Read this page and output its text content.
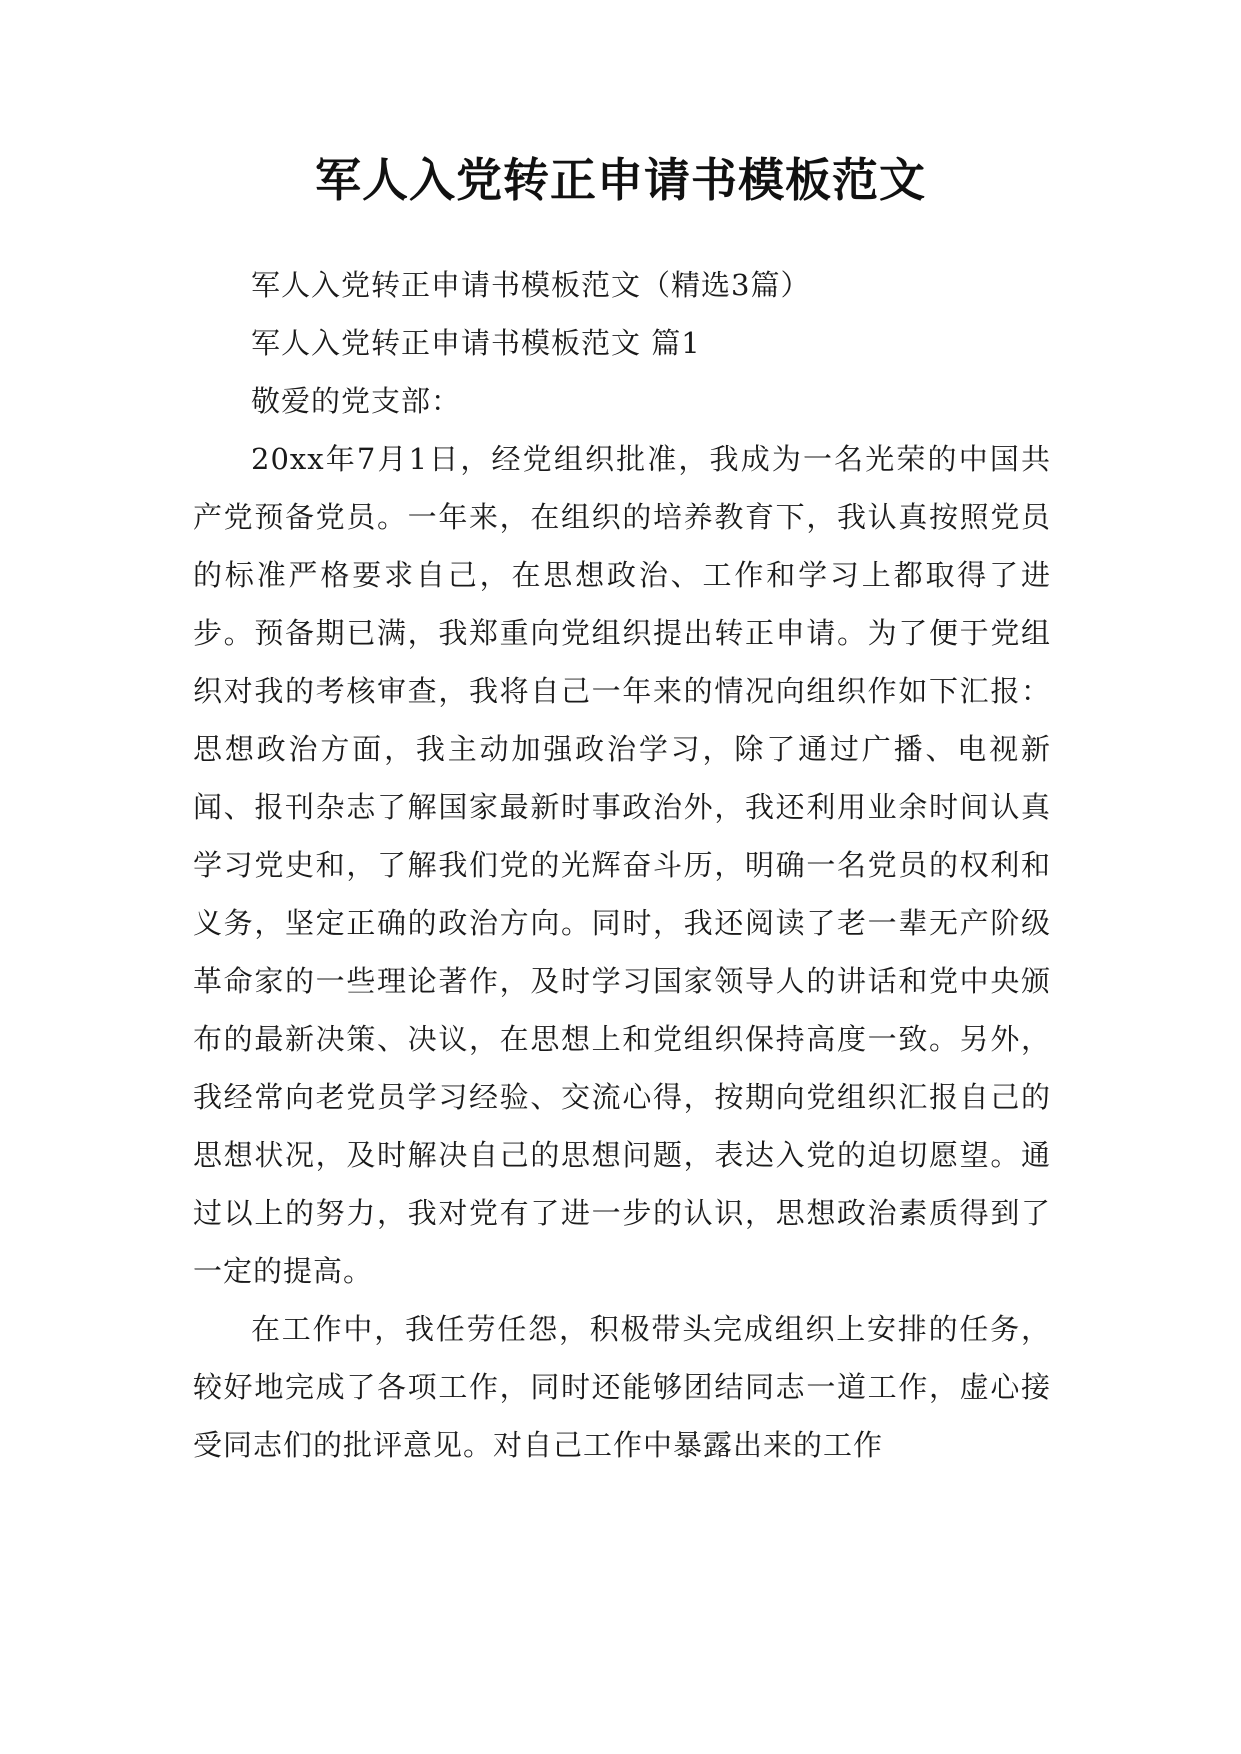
军人入党转正申请书模板范文

军人入党转正申请书模板范文（精选3篇）

军人入党转正申请书模板范文 篇1

敬爱的党支部：

20xx年7月1日，经党组织批准，我成为一名光荣的中国共产党预备党员。一年来，在组织的培养教育下，我认真按照党员的标准严格要求自己，在思想政治、工作和学习上都取得了进步。预备期已满，我郑重向党组织提出转正申请。为了便于党组织对我的考核审查，我将自己一年来的情况向组织作如下汇报：思想政治方面，我主动加强政治学习，除了通过广播、电视新闻、报刊杂志了解国家最新时事政治外，我还利用业余时间认真学习党史和，了解我们党的光辉奋斗历，明确一名党员的权利和义务，坚定正确的政治方向。同时，我还阅读了老一辈无产阶级革命家的一些理论著作，及时学习国家领导人的讲话和党中央颁布的最新决策、决议，在思想上和党组织保持高度一致。另外，我经常向老党员学习经验、交流心得，按期向党组织汇报自己的思想状况，及时解决自己的思想问题，表达入党的迫切愿望。通过以上的努力，我对党有了进一步的认识，思想政治素质得到了一定的提高。

在工作中，我任劳任怨，积极带头完成组织上安排的任务，较好地完成了各项工作，同时还能够团结同志一道工作，虚心接受同志们的批评意见。对自己工作中暴露出来的工作
